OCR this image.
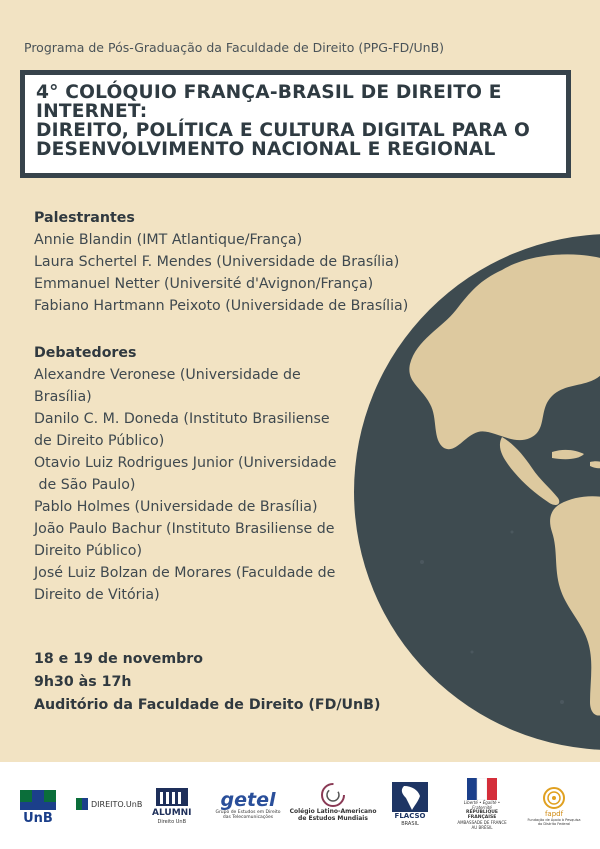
Programa de Pós-Graduação da Faculdade de Direito (PPG-FD/UnB)
4° COLÓQUIO FRANÇA-BRASIL DE DIREITO E
INTERNET:
DIREITO, POLÍTICA E CULTURA DIGITAL PARA O
DESENVOLVIMENTO NACIONAL E REGIONAL
Palestrantes
Annie Blandin (IMT Atlantique/França)
Laura Schertel F. Mendes (Universidade de Brasília)
Emmanuel Netter (Université d'Avignon/França)
Fabiano Hartmann Peixoto (Universidade de Brasília)
Debatedores
Alexandre Veronese (Universidade de
Brasília)
Danilo C. M. Doneda (Instituto Brasiliense
de Direito Público)
Otavio Luiz Rodrigues Junior (Universidade
de São Paulo)
Pablo Holmes (Universidade de Brasília)
João Paulo Bachur (Instituto Brasiliense de
Direito Público)
José Luiz Bolzan de Morares (Faculdade de
Direito de Vitória)
18 e 19 de novembro
9h30 às 17h
Auditório da Faculdade de Direito (FD/UnB)
UnB
DIREITO.UnB
ALUMNI
Direito UnB
getel
Grupo de Estudos em Direito das Telecomunicações
Colégio Latino-Americano de Estudos Mundiais	FLACSO
BRASIL
Liberté • Égalité • Fraternité
RÉPUBLIQUE FRANÇAISE
AMBASSADE DE FRANCE AU BRÉSIL
fapdf
Fundação de Apoio à Pesquisa do Distrito Federal
